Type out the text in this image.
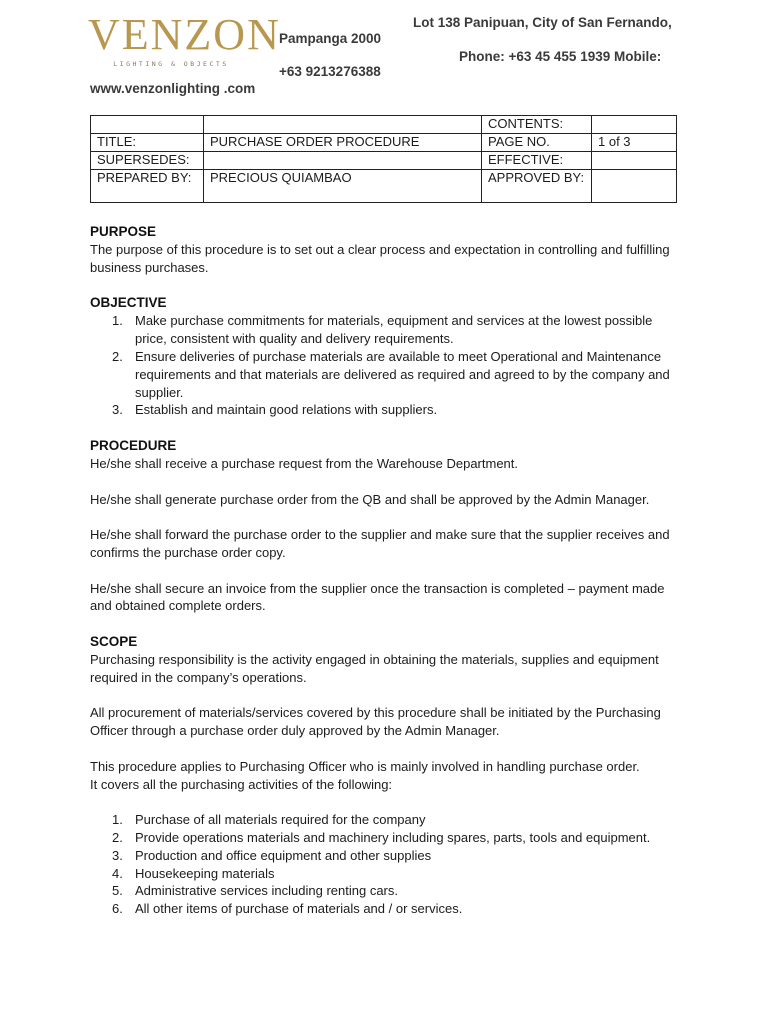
VENZON
LIGHTING & OBJECTS
Lot 138 Panipuan, City of San Fernando,
Pampanga 2000
Phone: +63 45 455 1939 Mobile:
+63 9213276388
www.venzonlighting .com
		CONTENTS:	
TITLE:	PURCHASE ORDER PROCEDURE	PAGE NO.	1 of 3
SUPERSEDES:		EFFECTIVE:	
PREPARED BY:	PRECIOUS QUIAMBAO	APPROVED BY:	
PURPOSE

The purpose of this procedure is to set out a clear process and expectation in controlling and fulfilling business purchases.

OBJECTIVE
1. Make purchase commitments for materials, equipment and services at the lowest possible price, consistent with quality and delivery requirements.
2. Ensure deliveries of purchase materials are available to meet Operational and Maintenance requirements and that materials are delivered as required and agreed to by the company and supplier.
3. Establish and maintain good relations with suppliers.
PROCEDURE

He/she shall receive a purchase request from the Warehouse Department.

He/she shall generate purchase order from the QB and shall be approved by the Admin Manager.

He/she shall forward the purchase order to the supplier and make sure that the supplier receives and confirms the purchase order copy.

He/she shall secure an invoice from the supplier once the transaction is completed – payment made and obtained complete orders.

SCOPE

Purchasing responsibility is the activity engaged in obtaining the materials, supplies and equipment required in the company’s operations.

All procurement of materials/services covered by this procedure shall be initiated by the Purchasing Officer through a purchase order duly approved by the Admin Manager.

This procedure applies to Purchasing Officer who is mainly involved in handling purchase order.

It covers all the purchasing activities of the following:

1. Purchase of all materials required for the company
2. Provide operations materials and machinery including spares, parts, tools and equipment.
3. Production and office equipment and other supplies
4. Housekeeping materials
5. Administrative services including renting cars.
6. All other items of purchase of materials and / or services.
